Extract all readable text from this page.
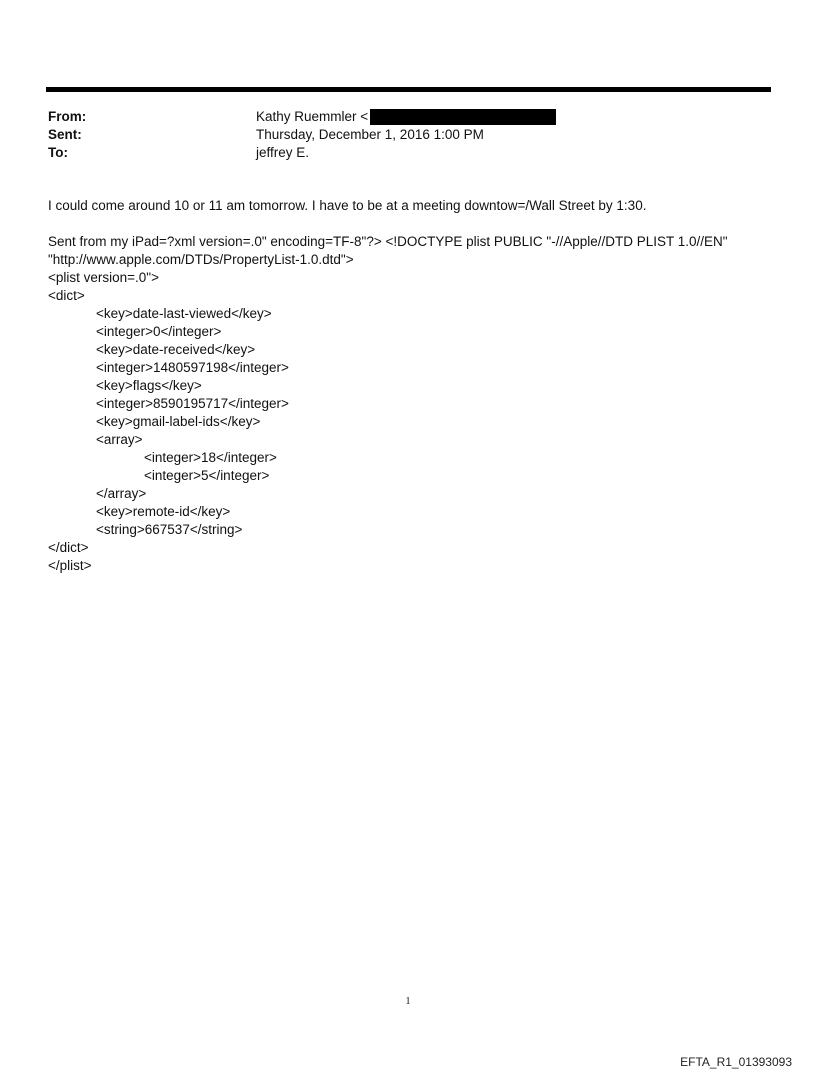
From:	Kathy Ruemmler <
Sent:	Thursday, December 1, 2016 1:00 PM
To:	jeffrey E.
I could come around 10 or 11 am tomorrow. I have to be at a meeting downtow=/Wall Street by 1:30.
Sent from my iPad=?xml version=.0" encoding=TF-8"?> <!DOCTYPE plist PUBLIC "-//Apple//DTD PLIST 1.0//EN"
"http://www.apple.com/DTDs/PropertyList-1.0.dtd">
<plist version=.0">
<dict>
<key>date-last-viewed</key>
<integer>0</integer>
<key>date-received</key>
<integer>1480597198</integer>
<key>flags</key>
<integer>8590195717</integer>
<key>gmail-label-ids</key>
<array>
<integer>18</integer>
<integer>5</integer>
</array>
<key>remote-id</key>
<string>667537</string>
</dict>
</plist>
1
EFTA_R1_01393093
